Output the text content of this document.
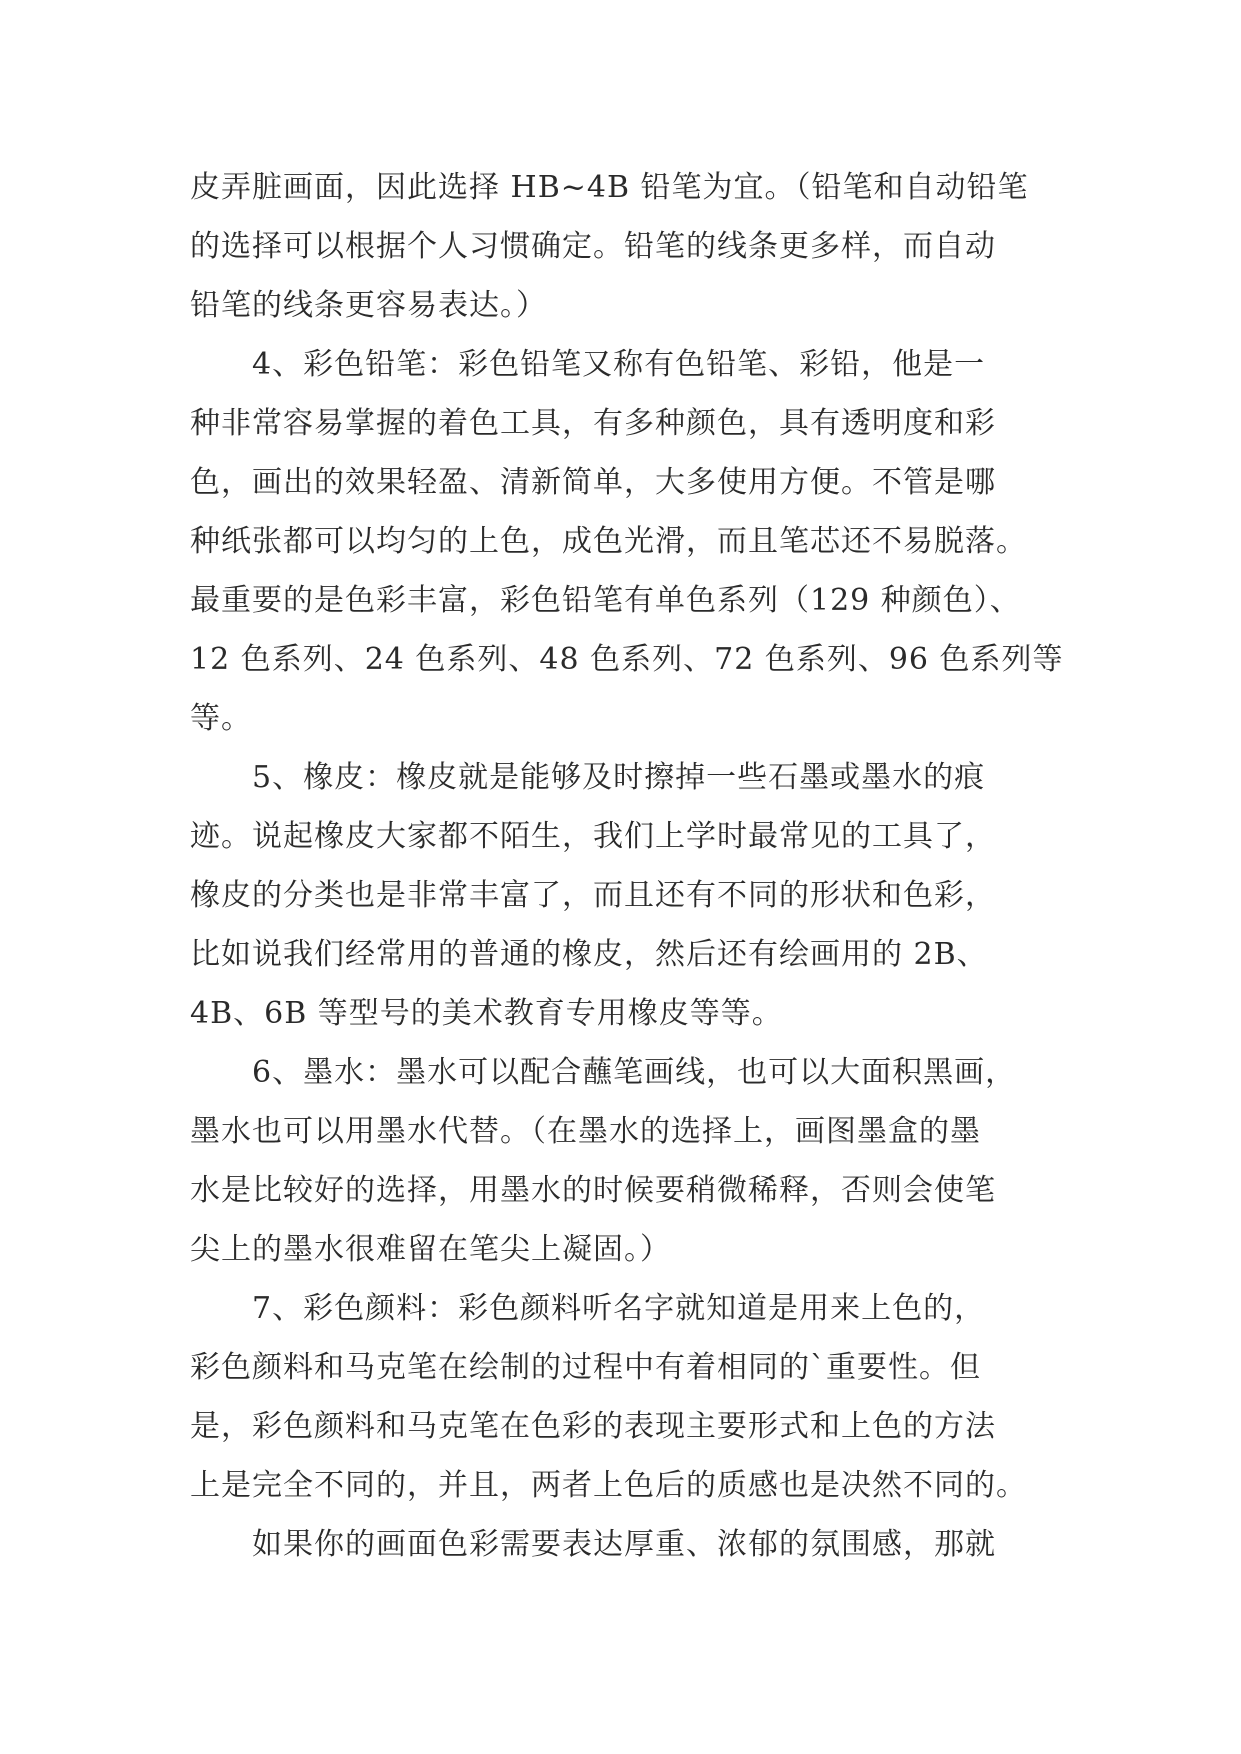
皮弄脏画面，因此选择 HB~4B 铅笔为宜。（铅笔和自动铅笔
的选择可以根据个人习惯确定。铅笔的线条更多样，而自动
铅笔的线条更容易表达。）
4、彩色铅笔：彩色铅笔又称有色铅笔、彩铅，他是一
种非常容易掌握的着色工具，有多种颜色，具有透明度和彩
色，画出的效果轻盈、清新简单，大多使用方便。不管是哪
种纸张都可以均匀的上色，成色光滑，而且笔芯还不易脱落。
最重要的是色彩丰富，彩色铅笔有单色系列（129 种颜色）、
12 色系列、24 色系列、48 色系列、72 色系列、96 色系列等
等。
5、橡皮：橡皮就是能够及时擦掉一些石墨或墨水的痕
迹。说起橡皮大家都不陌生，我们上学时最常见的工具了，
橡皮的分类也是非常丰富了，而且还有不同的形状和色彩，
比如说我们经常用的普通的橡皮，然后还有绘画用的 2B、
4B、6B 等型号的美术教育专用橡皮等等。
6、墨水：墨水可以配合蘸笔画线，也可以大面积黑画，
墨水也可以用墨水代替。（在墨水的选择上，画图墨盒的墨
水是比较好的选择，用墨水的时候要稍微稀释，否则会使笔
尖上的墨水很难留在笔尖上凝固。）
7、彩色颜料：彩色颜料听名字就知道是用来上色的，
彩色颜料和马克笔在绘制的过程中有着相同的`重要性。但
是，彩色颜料和马克笔在色彩的表现主要形式和上色的方法
上是完全不同的，并且，两者上色后的质感也是决然不同的。
如果你的画面色彩需要表达厚重、浓郁的氛围感，那就
